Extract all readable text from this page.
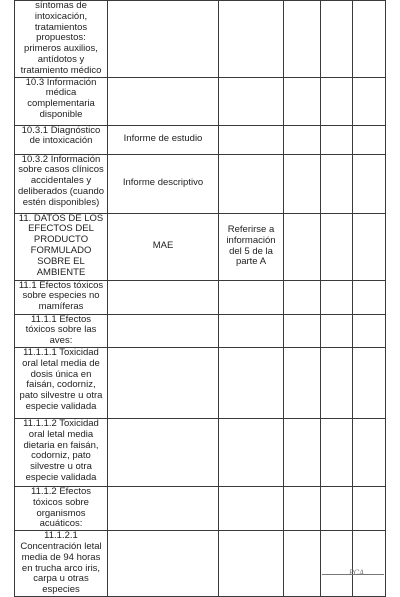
síntomas de intoxicación, tratamientos propuestos: primeros auxilios, antídotos y tratamiento médico					
10.3 Información médica complementaria disponible					
10.3.1 Diagnóstico de intoxicación	Informe de estudio				
10.3.2 Información sobre casos clínicos accidentales y deliberados (cuando estén disponibles)	Informe descriptivo				
11. DATOS DE LOS EFECTOS DEL PRODUCTO FORMULADO SOBRE EL AMBIENTE	MAE	Referirse a información del 5 de la parte A			
11.1 Efectos tóxicos sobre especies no mamíferas					
11.1.1 Efectos tóxicos sobre las aves:					
11.1.1.1 Toxicidad oral letal media de dosis única en faisán, codorniz, pato silvestre u otra especie validada					
11.1.1.2 Toxicidad oral letal media dietaria en faisán, codorniz, pato silvestre u otra especie validada					
11.1.2 Efectos tóxicos sobre organismos acuáticos:					
11.1.2.1 Concentración letal media de 94 horas en trucha arco iris, carpa u otras especies					
PCA
